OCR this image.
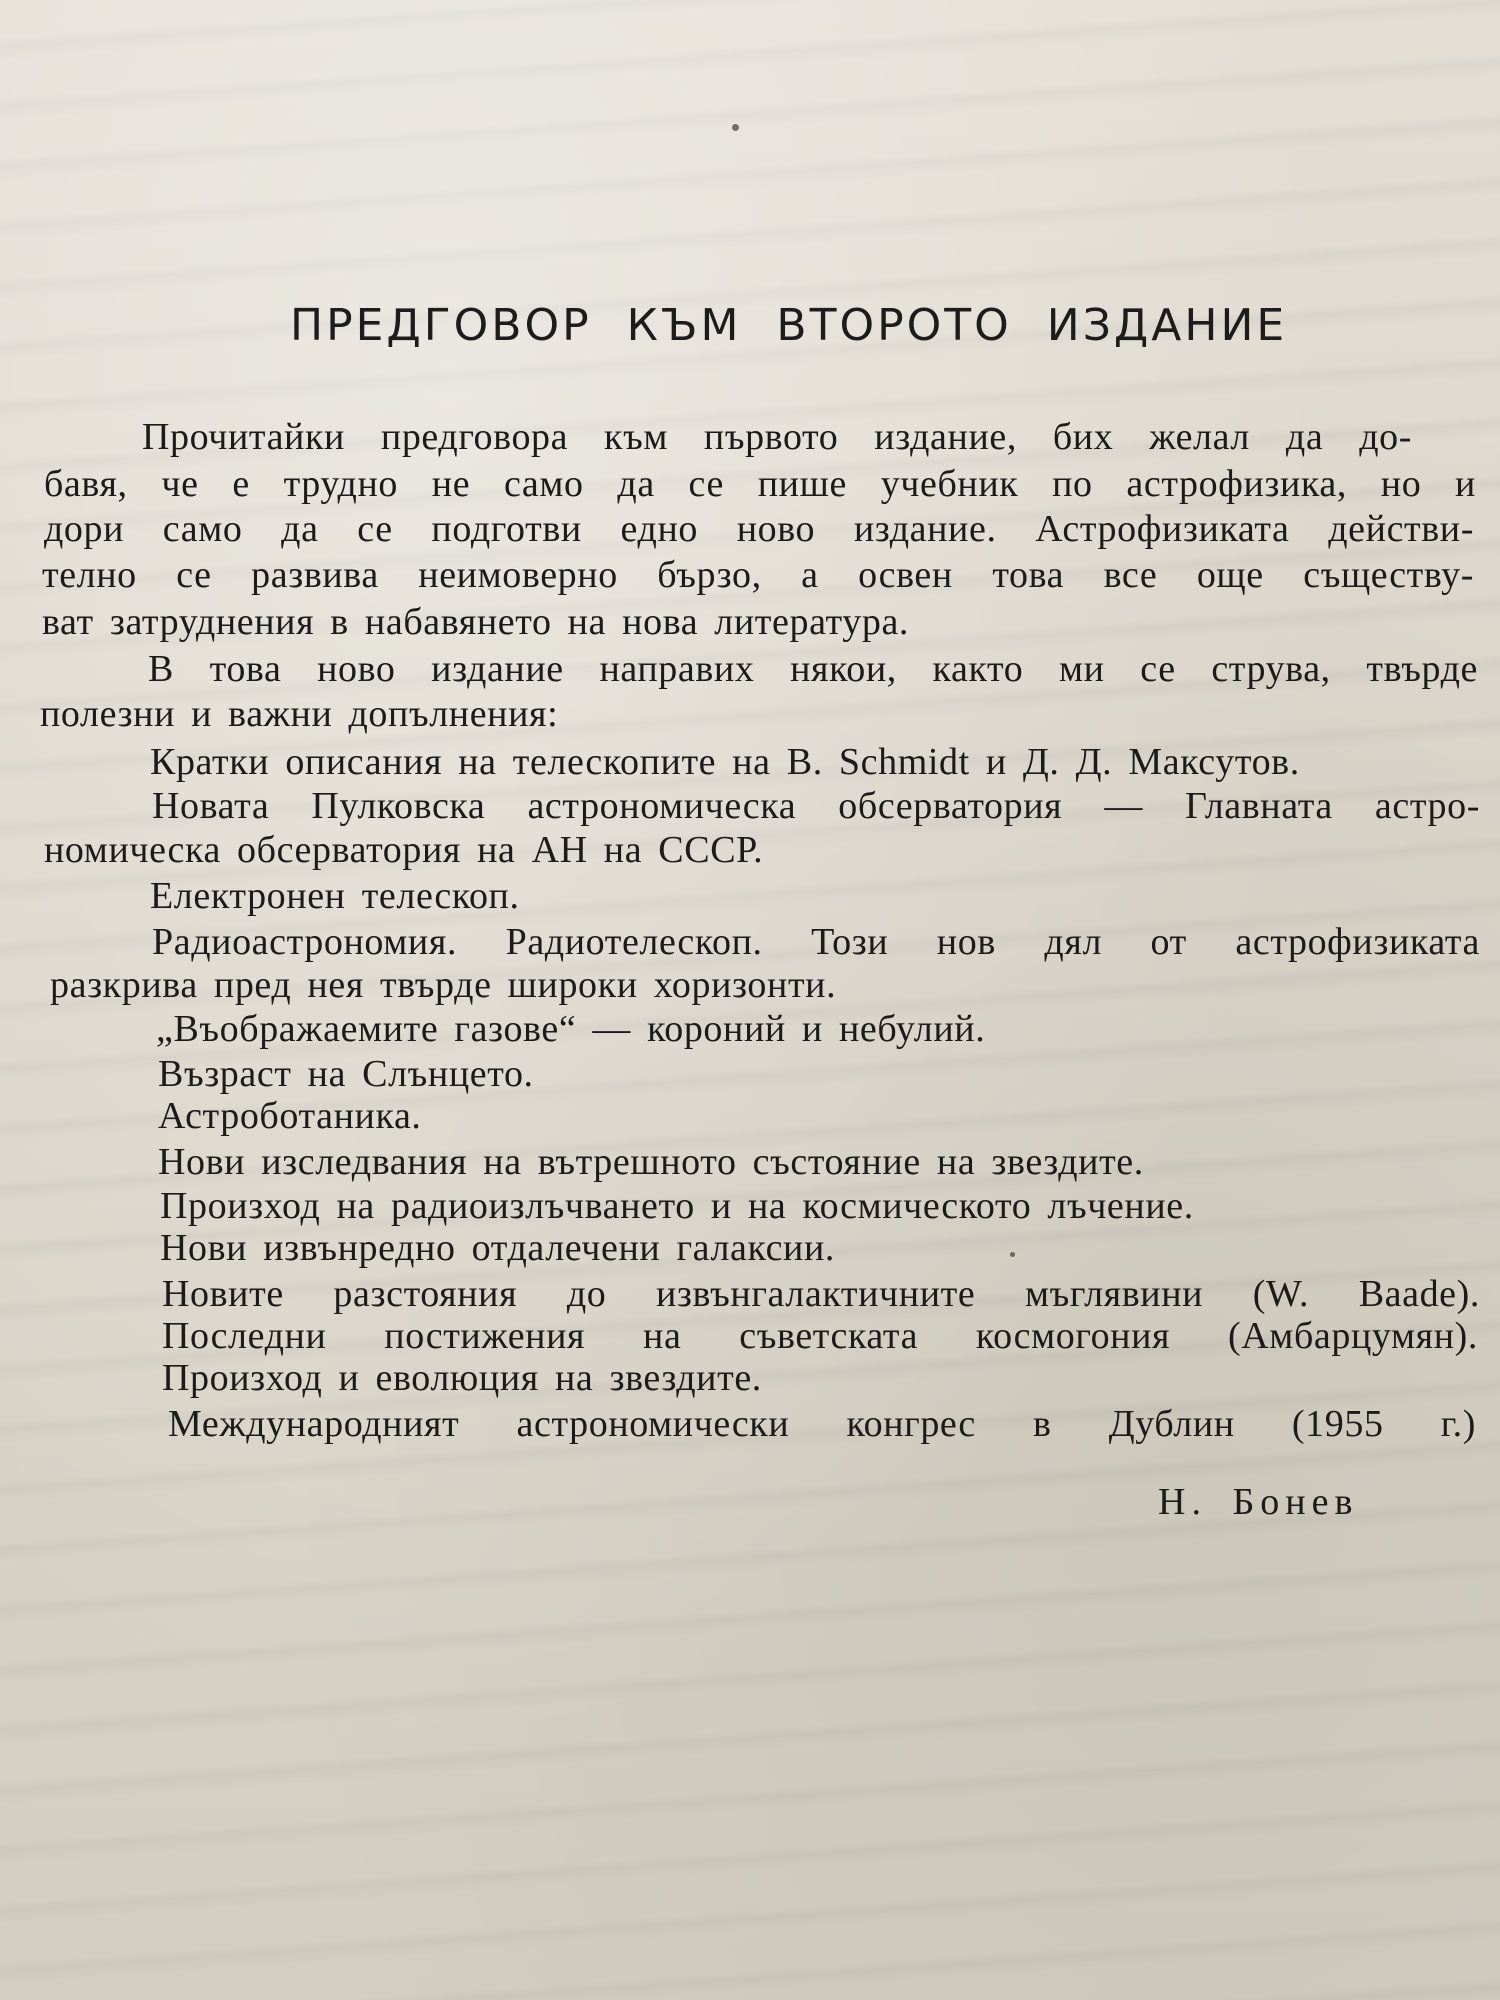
ПРЕДГОВОР КЪМ ВТОРОТО ИЗДАНИЕ
Прочитайки предговора към първото издание, бих желал да до-
бавя, че е трудно не само да се пише учебник по астрофизика, но и
дори само да се подготви едно ново издание. Астрофизиката действи-
телно се развива неимоверно бързо, а освен това все още съществу-
ват затруднения в набавянето на нова литература.
В това ново издание направих някои, както ми се струва, твърде
полезни и важни допълнения:
Кратки описания на телескопите на B. Schmidt и Д. Д. Максутов.
Новата Пулковска астрономическа обсерватория — Главната астро-
номическа обсерватория на АН на СССР.
Електронен телескоп.
Радиоастрономия. Радиотелескоп. Този нов дял от астрофизиката
разкрива пред нея твърде широки хоризонти.
„Въображаемите газове“ — короний и небулий.
Възраст на Слънцето.
Астроботаника.
Нови изследвания на вътрешното състояние на звездите.
Произход на радиоизлъчването и на космическото лъчение.
Нови извънредно отдалечени галаксии.
Новите разстояния до извънгалактичните мъглявини (W. Baade).
Последни постижения на съветската космогония (Амбарцумян).
Произход и еволюция на звездите.
Международният астрономически конгрес в Дублин (1955 г.)
Н. Бонев
